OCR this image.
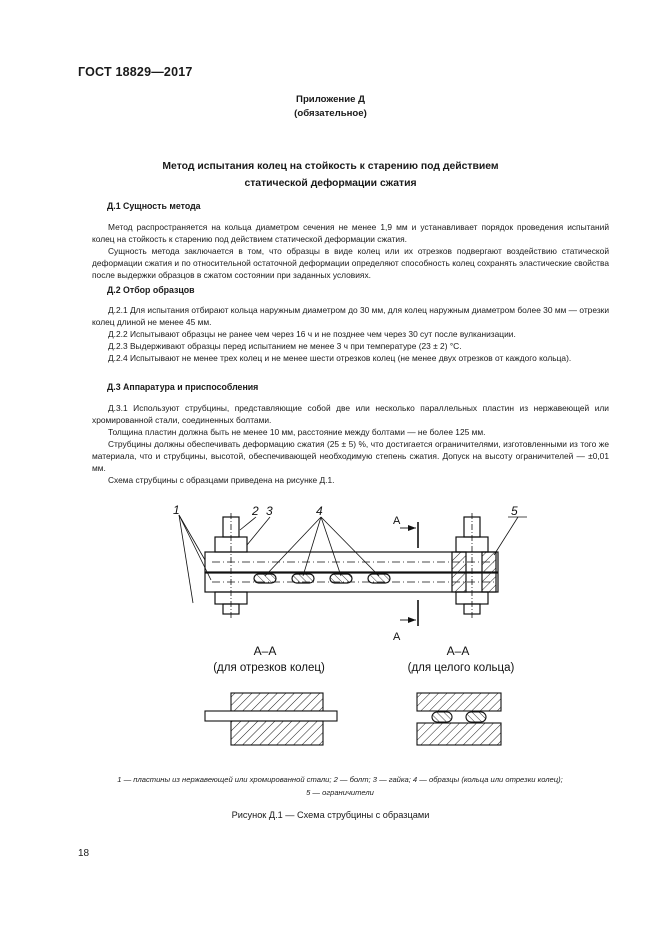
ГОСТ 18829—2017
Приложение Д
(обязательное)
Метод испытания колец на стойкость к старению под действием
статической деформации сжатия
Д.1 Сущность метода

Метод распространяется на кольца диаметром сечения не менее 1,9 мм и устанавливает порядок проведения испытаний колец на стойкость к старению под действием статической деформации сжатия.

Сущность метода заключается в том, что образцы в виде колец или их отрезков подвергают воздействию статической деформации сжатия и по относительной остаточной деформации определяют способность колец сохранять эластические свойства после выдержки образцов в сжатом состоянии при заданных условиях.

Д.2 Отбор образцов

Д.2.1 Для испытания отбирают кольца наружным диаметром до 30 мм, для колец наружным диаметром более 30 мм — отрезки колец длиной не менее 45 мм.

Д.2.2 Испытывают образцы не ранее чем через 16 ч и не позднее чем через 30 сут после вулканизации.

Д.2.3 Выдерживают образцы перед испытанием не менее 3 ч при температуре (23 ± 2) °С.

Д.2.4 Испытывают не менее трех колец и не менее шести отрезков колец (не менее двух отрезков от каждого кольца).

Д.3 Аппаратура и приспособления

Д.3.1 Используют струбцины, представляющие собой две или несколько параллельных пластин из нержавеющей или хромированной стали, соединенных болтами.

Толщина пластин должна быть не менее 10 мм, расстояние между болтами — не более 125 мм.

Струбцины должны обеспечивать деформацию сжатия (25 ± 5) %, что достигается ограничителями, изготовленными из того же материала, что и струбцины, высотой, обеспечивающей необходимую степень сжатия. Допуск на высоту ограничителей — ±0,01 мм.

Схема струбцины с образцами приведена на рисунке Д.1.

1	2 3	4	5
А
А
А–А	А–А
(для отрезков колец)	(для целого кольца)
1 — пластины из нержавеющей или хромированной стали; 2 — болт; 3 — гайка; 4 — образцы (кольца или отрезки колец);
5 — ограничители
Рисунок Д.1 — Схема струбцины с образцами
18
